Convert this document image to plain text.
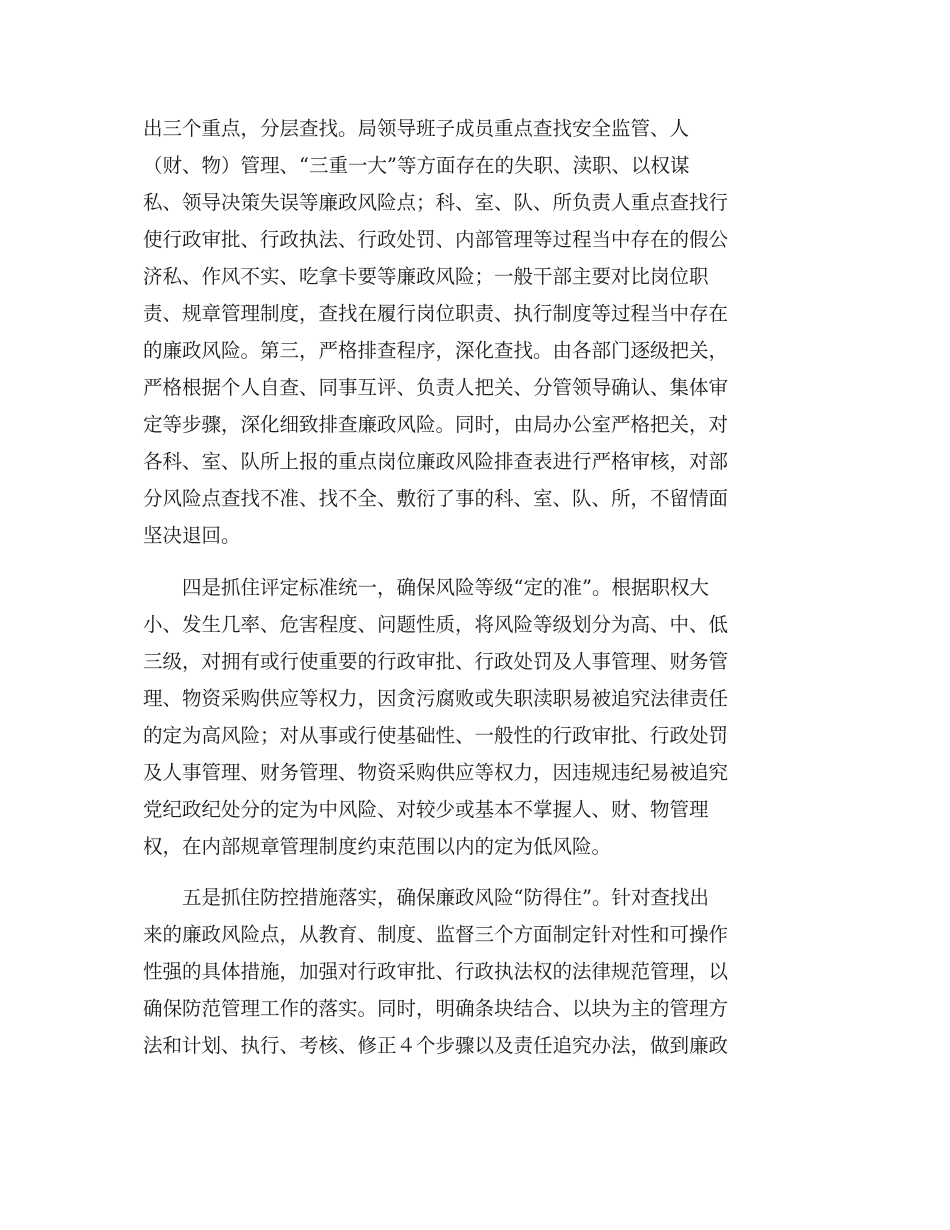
出三个重点，分层查找。局领导班子成员重点查找安全监管、人
（财、物）管理、“三重一大”等方面存在的失职、渎职、以权谋
私、领导决策失误等廉政风险点；科、室、队、所负责人重点查找行
使行政审批、行政执法、行政处罚、内部管理等过程当中存在的假公
济私、作风不实、吃拿卡要等廉政风险；一般干部主要对比岗位职
责、规章管理制度，查找在履行岗位职责、执行制度等过程当中存在
的廉政风险。第三，严格排查程序，深化查找。由各部门逐级把关，
严格根据个人自查、同事互评、负责人把关、分管领导确认、集体审
定等步骤，深化细致排查廉政风险。同时，由局办公室严格把关，对
各科、室、队所上报的重点岗位廉政风险排查表进行严格审核，对部
分风险点查找不准、找不全、敷衍了事的科、室、队、所，不留情面
坚决退回。
　　四是抓住评定标准统一，确保风险等级“定的准”。根据职权大
小、发生几率、危害程度、问题性质，将风险等级划分为高、中、低
三级，对拥有或行使重要的行政审批、行政处罚及人事管理、财务管
理、物资采购供应等权力，因贪污腐败或失职渎职易被追究法律责任
的定为高风险；对从事或行使基础性、一般性的行政审批、行政处罚
及人事管理、财务管理、物资采购供应等权力，因违规违纪易被追究
党纪政纪处分的定为中风险、对较少或基本不掌握人、财、物管理
权，在内部规章管理制度约束范围以内的定为低风险。
　　五是抓住防控措施落实，确保廉政风险“防得住”。针对查找出
来的廉政风险点，从教育、制度、监督三个方面制定针对性和可操作
性强的具体措施，加强对行政审批、行政执法权的法律规范管理，以
确保防范管理工作的落实。同时，明确条块结合、以块为主的管理方
法和计划、执行、考核、修正４个步骤以及责任追究办法，做到廉政
